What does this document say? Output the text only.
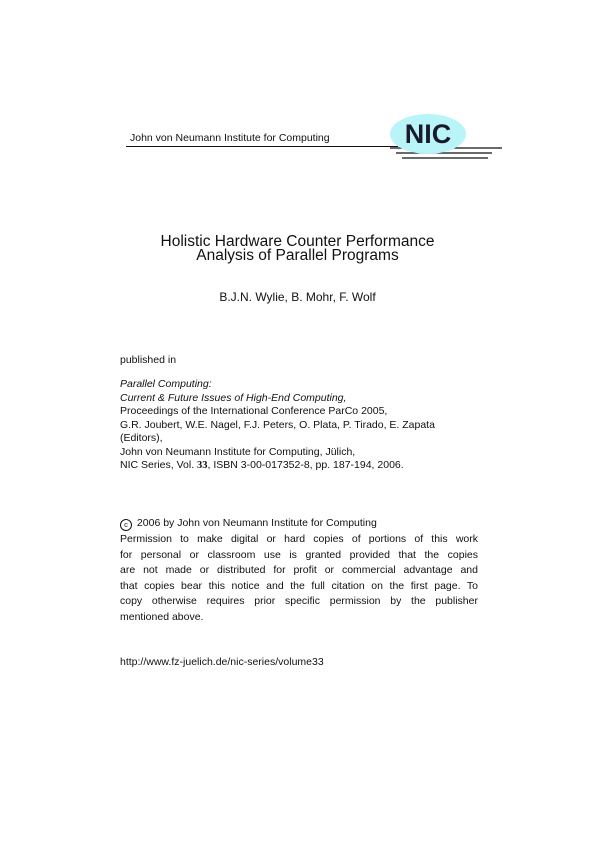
John von Neumann Institute for Computing	NIC
Holistic Hardware Counter Performance
Analysis of Parallel Programs
B.J.N. Wylie, B. Mohr, F. Wolf
published in
Parallel Computing:
Current & Future Issues of High-End Computing,
Proceedings of the International Conference ParCo 2005,
G.R. Joubert, W.E. Nagel, F.J. Peters, O. Plata, P. Tirado, E. Zapata
(Editors),
John von Neumann Institute for Computing, Jülich,
NIC Series, Vol. 33, ISBN 3-00-017352-8, pp. 187-194, 2006.
c 2006 by John von Neumann Institute for Computing
Permission to make digital or hard copies of portions of this work
for personal or classroom use is granted provided that the copies
are not made or distributed for profit or commercial advantage and
that copies bear this notice and the full citation on the first page. To
copy otherwise requires prior specific permission by the publisher
mentioned above.
http://www.fz-juelich.de/nic-series/volume33
